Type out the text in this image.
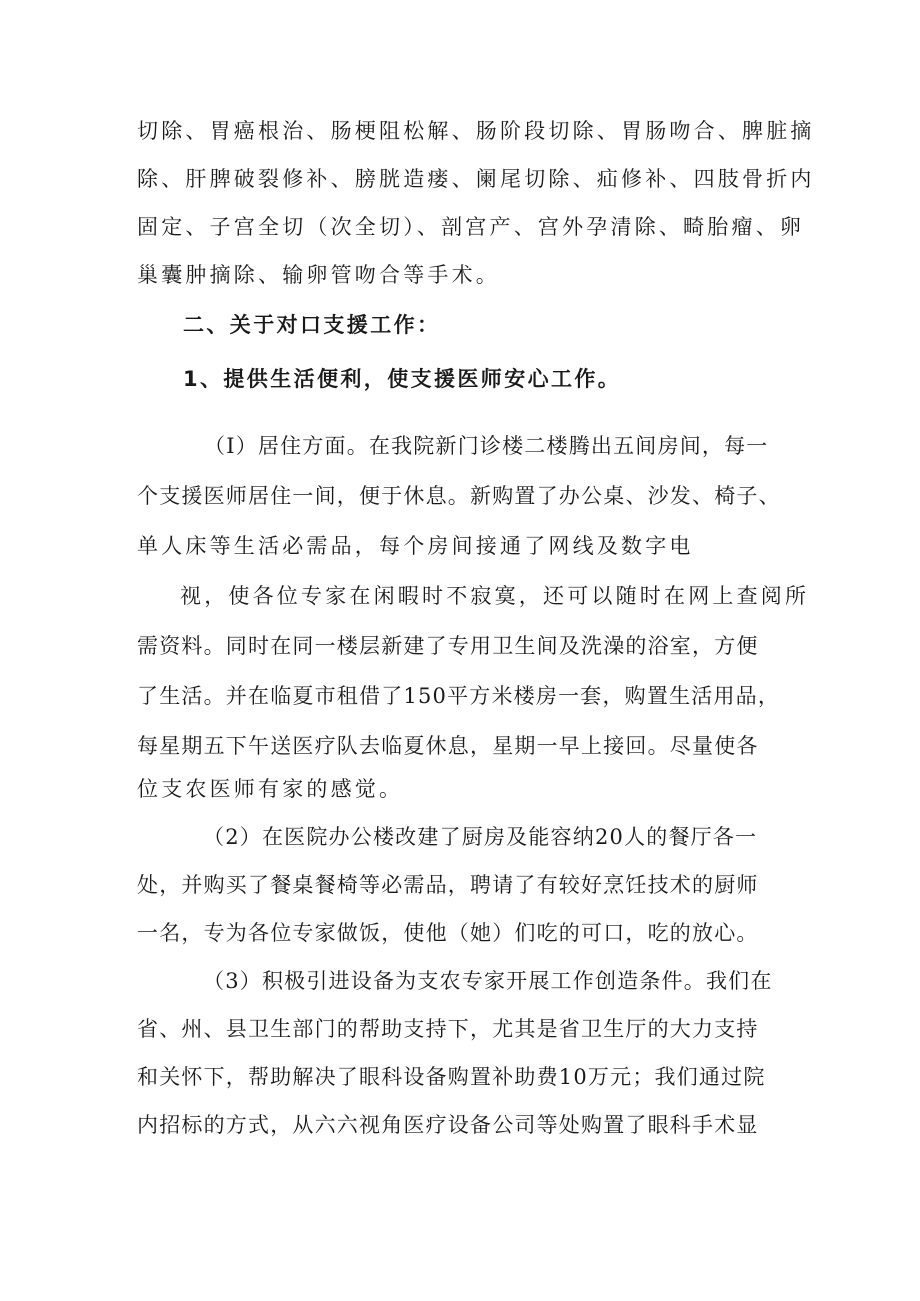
切除、胃癌根治、肠梗阻松解、肠阶段切除、胃肠吻合、脾脏摘
除、肝脾破裂修补、膀胱造瘘、阑尾切除、疝修补、四肢骨折内
固定、子宫全切（次全切）、剖宫产、宫外孕清除、畸胎瘤、卵
巢囊肿摘除、输卵管吻合等手术。
二、关于对口支援工作：
1、提供生活便利，使支援医师安心工作。
（I）居住方面。在我院新门诊楼二楼腾出五间房间，每一
个支援医师居住一间，便于休息。新购置了办公桌、沙发、椅子、
单人床等生活必需品，每个房间接通了网线及数字电
视，使各位专家在闲暇时不寂寞，还可以随时在网上查阅所
需资料。同时在同一楼层新建了专用卫生间及洗澡的浴室，方便
了生活。并在临夏市租借了150平方米楼房一套，购置生活用品，
每星期五下午送医疗队去临夏休息，星期一早上接回。尽量使各
位支农医师有家的感觉。
（2）在医院办公楼改建了厨房及能容纳20人的餐厅各一
处，并购买了餐桌餐椅等必需品，聘请了有较好烹饪技术的厨师
一名，专为各位专家做饭，使他（她）们吃的可口，吃的放心。
（3）积极引进设备为支农专家开展工作创造条件。我们在
省、州、县卫生部门的帮助支持下，尤其是省卫生厅的大力支持
和关怀下，帮助解决了眼科设备购置补助费10万元；我们通过院
内招标的方式，从六六视角医疗设备公司等处购置了眼科手术显
